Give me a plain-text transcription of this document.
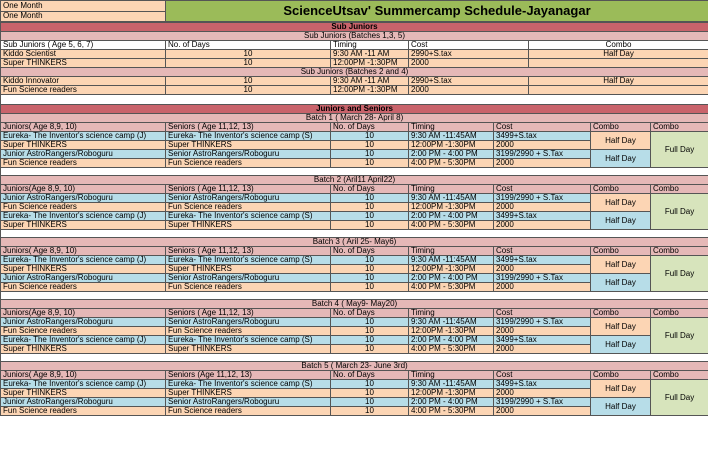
One Month	ScienceUtsav' Summercamp Schedule-Jayanagar
One Month
Sub Juniors				
Sub Juniors (Batches 1,3, 5)				
Sub Juniors ( Age 5, 6, 7)	No. of Days	Timing	Cost	Combo
Kiddo Scientist	10	9:30 AM -11 AM	2990+S.tax	Half Day
Super THINKERS	10	12:00PM -1:30PM	2000	
Sub Juniors (Batches 2 and 4)				
Kiddo Innovator	10	9:30 AM -11 AM	2990+S.tax	Half Day
Fun Science readers	10	12:00PM -1:30PM	2000	

Juniors and Seniors						
Batch 1 ( March 28- April 8)						
Juniors( Age 8,9, 10)	Seniors ( Age 11,12, 13)	No. of Days	Timing	Cost	Combo	Combo
Eureka- The Inventor's science camp (J)	Eureka- The Inventor's science camp (S)	10	9:30 AM -11:45AM	3499+S.tax	Half Day	Full Day
Super THINKERS	Super THINKERS	10	12:00PM -1:30PM	2000		
Junior AstroRangers/Roboguru	Senior AstroRangers/Roboguru	10	2:00 PM - 4:00 PM	3199/2990 + S.Tax	Half Day	
Fun Science readers	Fun Science readers	10	4:00 PM - 5:30PM	2000		

Batch 2 (Aril11 April22)						
Juniors(Age 8,9, 10)	Seniors ( Age 11,12, 13)	No. of Days	Timing	Cost	Combo	Combo
Junior AstroRangers/Roboguru	Senior AstroRangers/Roboguru	10	9:30 AM -11:45AM	3199/2990 + S.Tax	Half Day	Full Day
Fun Science readers	Fun Science readers	10	12:00PM -1:30PM	2000		
Eureka- The Inventor's science camp (J)	Eureka- The Inventor's science camp (S)	10	2:00 PM - 4:00 PM	3499+S.tax	Half Day	
Super THINKERS	Super THINKERS	10	4:00 PM - 5:30PM	2000		

Batch 3 ( Aril 25- May6)						
Juniors( Age 8,9, 10)	Seniors ( Age 11,12, 13)	No. of Days	Timing	Cost	Combo	Combo
Eureka- The Inventor's science camp (J)	Eureka- The Inventor's science camp (S)	10	9:30 AM -11:45AM	3499+S.tax	Half Day	Full Day
Super THINKERS	Super THINKERS	10	12:00PM -1:30PM	2000		
Junior AstroRangers/Roboguru	Senior AstroRangers/Roboguru	10	2:00 PM - 4:00 PM	3199/2990 + S.Tax	Half Day	
Fun Science readers	Fun Science readers	10	4:00 PM - 5:30PM	2000		

Batch 4 ( May9- May20)						
Juniors(Age 8,9, 10)	Seniors ( Age 11,12, 13)	No. of Days	Timing	Cost	Combo	Combo
Junior AstroRangers/Roboguru	Senior AstroRangers/Roboguru	10	9:30 AM -11:45AM	3199/2990 + S.Tax	Half Day	Full Day
Fun Science readers	Fun Science readers	10	12:00PM -1:30PM	2000		
Eureka- The Inventor's science camp (J)	Eureka- The Inventor's science camp (S)	10	2:00 PM - 4:00 PM	3499+S.tax	Half Day	
Super THINKERS	Super THINKERS	10	4:00 PM - 5:30PM	2000		

Batch 5 ( March 23- June 3rd)						
Juniors( Age 8,9, 10)	Seniors (Age 11,12, 13)	No. of Days	Timing	Cost	Combo	Combo
Eureka- The Inventor's science camp (J)	Eureka- The Inventor's science camp (S)	10	9:30 AM -11:45AM	3499+S.tax	Half Day	Full Day
Super THINKERS	Super THINKERS	10	12:00PM -1:30PM	2000		
Junior AstroRangers/Roboguru	Senior AstroRangers/Roboguru	10	2:00 PM - 4:00 PM	3199/2990 + S.Tax	Half Day	
Fun Science readers	Fun Science readers	10	4:00 PM - 5:30PM	2000		
